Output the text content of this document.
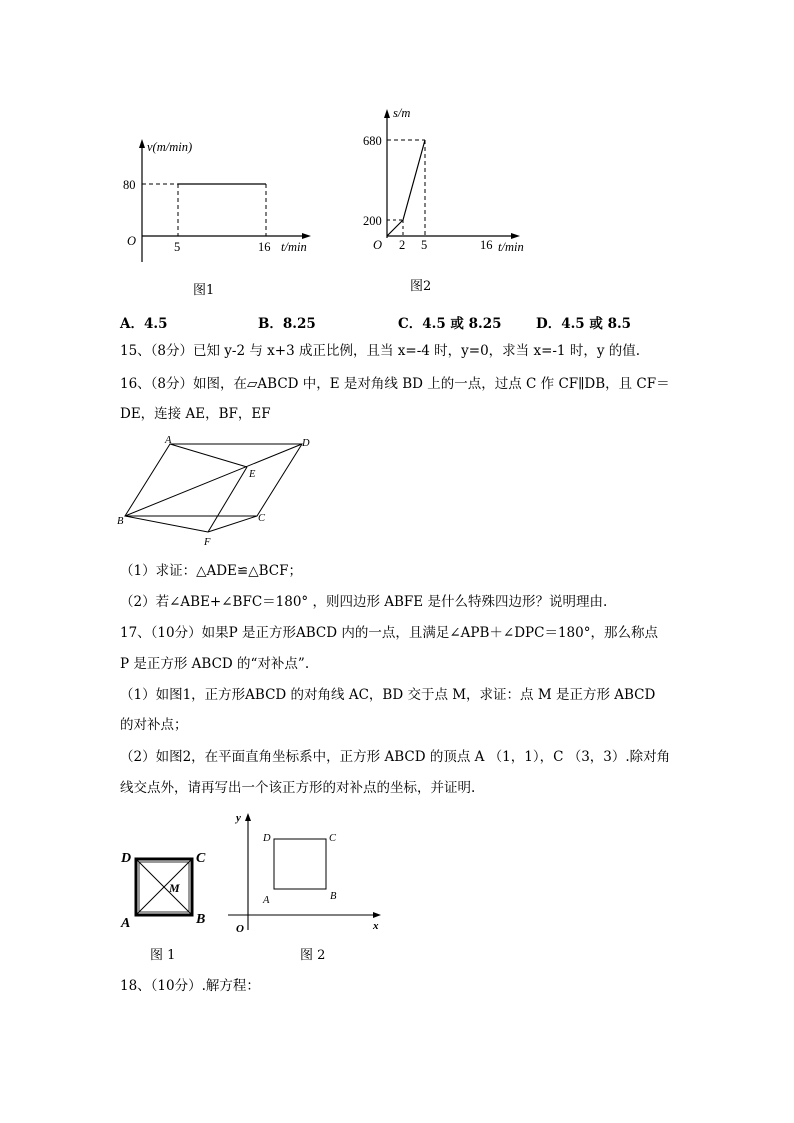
v(m/min)
80
O	5	16 t/min
图1
s/m
680
200
O 2 5	16 t/min
图2
A．4.5	B．8.25	C．4.5 或 8.25	D．4.5 或 8.5
15、（8分）已知 y-2 与 x+3 成正比例，且当 x=-4 时，y=0，求当 x=-1 时，y 的值.
16、（8分）如图，在▱ABCD 中，E 是对角线 BD 上的一点，过点 C 作 CF∥DB，且 CF＝
DE，连接 AE，BF，EF
A	D
E
B	C
F
（1）求证：△ADE≌△BCF；
（2）若∠ABE+∠BFC＝180° ，则四边形 ABFE 是什么特殊四边形？说明理由.
17、（10分）如果P 是正方形ABCD 内的一点，且满足∠APB＋∠DPC＝180°，那么称点
P 是正方形 ABCD 的“对补点”.
（1）如图1，正方形ABCD 的对角线 AC，BD 交于点 M，求证：点 M 是正方形 ABCD
的对补点；
（2）如图2，在平面直角坐标系中，正方形 ABCD 的顶点 A （1，1），C （3，3）.除对角
线交点外，请再写出一个该正方形的对补点的坐标，并证明.
D	C
M
A	B
图 1
y
x
O
D	C
A	B
图 2
18、（10分）.解方程：
